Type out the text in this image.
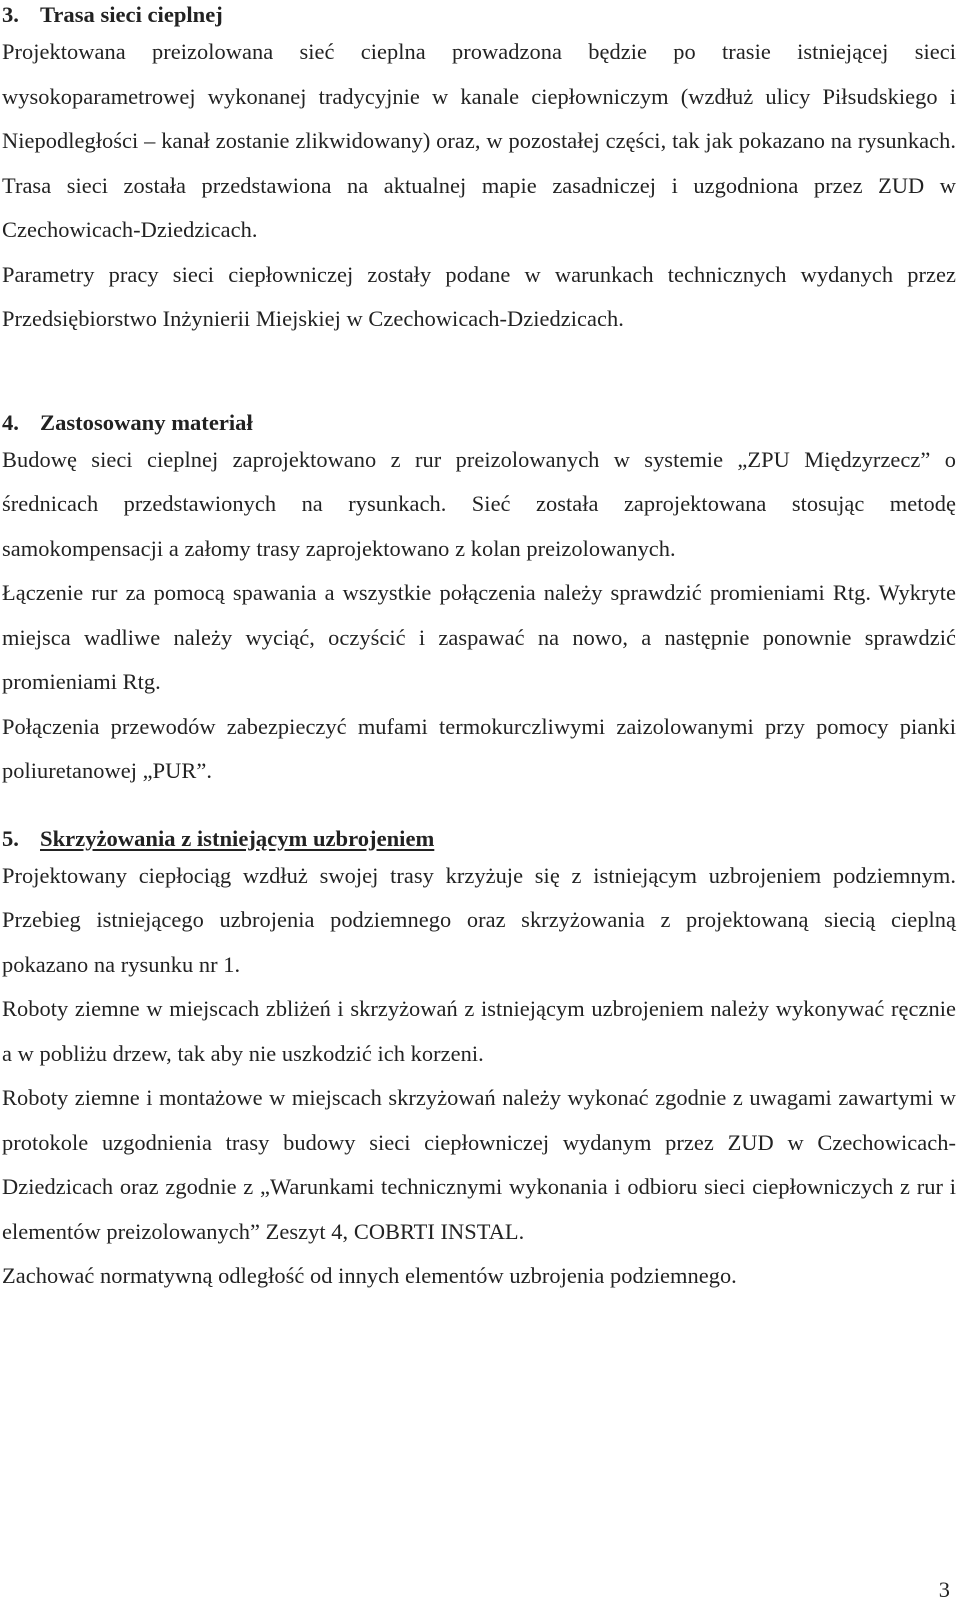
3. Trasa sieci cieplnej

Projektowana preizolowana sieć cieplna prowadzona będzie po trasie istniejącej sieci wysokoparametrowej wykonanej tradycyjnie w kanale ciepłowniczym (wzdłuż ulicy Piłsudskiego i Niepodległości – kanał zostanie zlikwidowany) oraz, w pozostałej części, tak jak pokazano na rysunkach. Trasa sieci została przedstawiona na aktualnej mapie zasadniczej i uzgodniona przez ZUD w Czechowicach-Dziedzicach.

Parametry pracy sieci ciepłowniczej zostały podane w warunkach technicznych wydanych przez Przedsiębiorstwo Inżynierii Miejskiej w Czechowicach-Dziedzicach.

4. Zastosowany materiał

Budowę sieci cieplnej zaprojektowano z rur preizolowanych w systemie „ZPU Międzyrzecz” o średnicach przedstawionych na rysunkach. Sieć została zaprojektowana stosując metodę samokompensacji a załomy trasy zaprojektowano z kolan preizolowanych.

Łączenie rur za pomocą spawania a wszystkie połączenia należy sprawdzić promieniami Rtg. Wykryte miejsca wadliwe należy wyciąć, oczyścić i zaspawać na nowo, a następnie ponownie sprawdzić promieniami Rtg.

Połączenia przewodów zabezpieczyć mufami termokurczliwymi zaizolowanymi przy pomocy pianki poliuretanowej „PUR”.

5. Skrzyżowania z istniejącym uzbrojeniem

Projektowany ciepłociąg wzdłuż swojej trasy krzyżuje się z istniejącym uzbrojeniem podziemnym. Przebieg istniejącego uzbrojenia podziemnego oraz skrzyżowania z projektowaną siecią cieplną pokazano na rysunku nr 1.

Roboty ziemne w miejscach zbliżeń i skrzyżowań z istniejącym uzbrojeniem należy wykonywać ręcznie a w pobliżu drzew, tak aby nie uszkodzić ich korzeni.

Roboty ziemne i montażowe w miejscach skrzyżowań należy wykonać zgodnie z uwagami zawartymi w protokole uzgodnienia trasy budowy sieci ciepłowniczej wydanym przez ZUD w Czechowicach-Dziedzicach oraz zgodnie z „Warunkami technicznymi wykonania i odbioru sieci ciepłowniczych z rur i elementów preizolowanych” Zeszyt 4, COBRTI INSTAL.

Zachować normatywną odległość od innych elementów uzbrojenia podziemnego.

3
